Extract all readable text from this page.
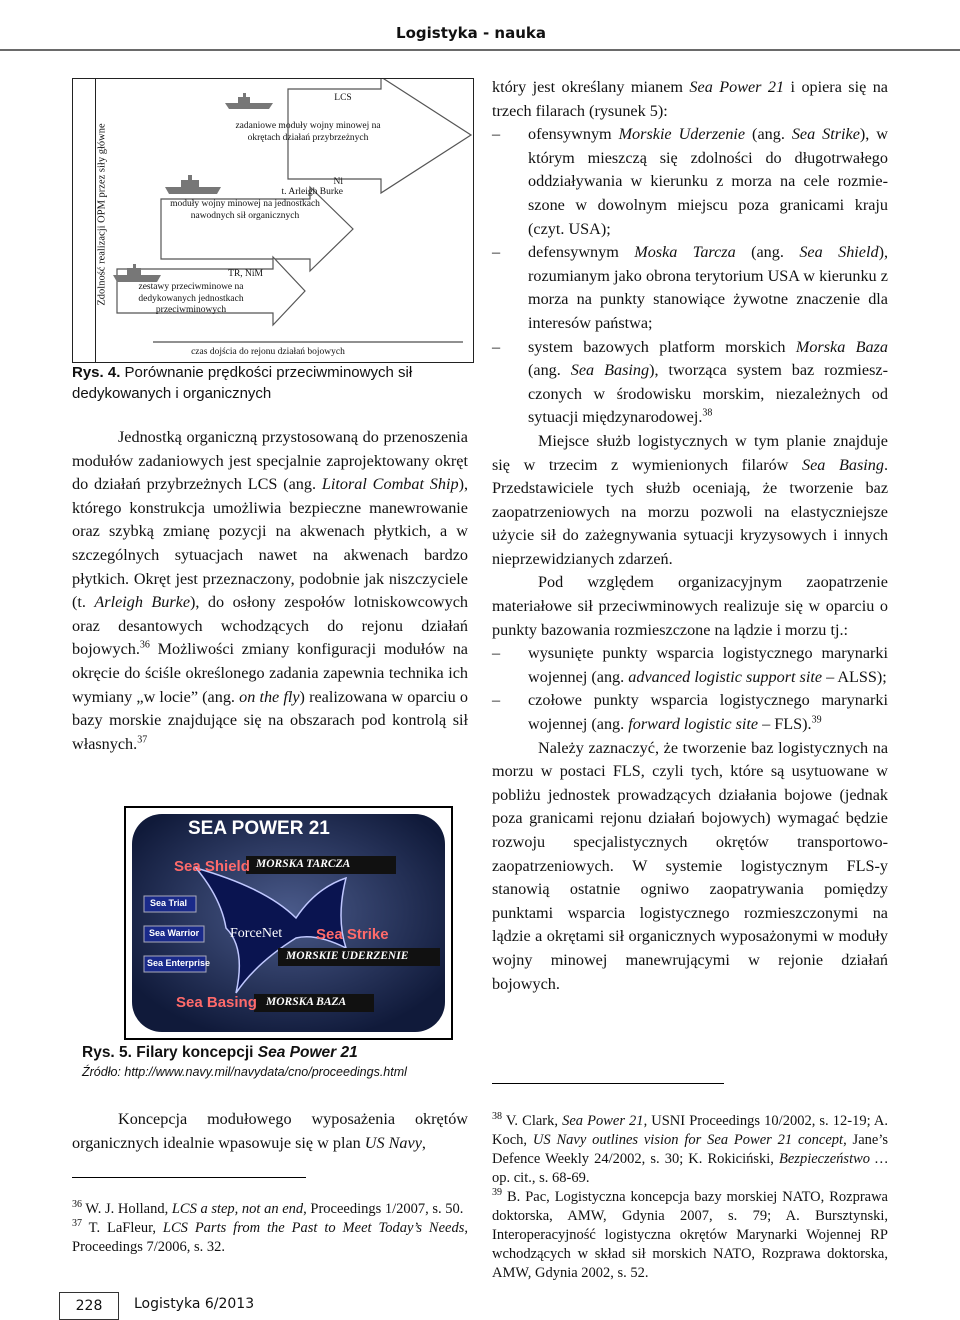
Logistyka - nauka
Zdolność realizacji OPM przez siły główne
LCS
zadaniowe moduły wojny minowej na okrętach działań przybrzeżnych
Ni
t. Arleigh Burke
moduły wojny minowej na jednostkach nawodnych sił organicznych
TR, NiM
zestawy przeciwminowe na dedykowanych jednostkach przeciwminowych
czas dojścia do rejonu działań bojowych
Rys. 4. Porównanie prędkości przeciwminowych sił dedykowanych i organicznych

Jednostką organiczną przystosowaną do przenoszenia modułów zadaniowych jest specjalnie zaprojektowany okręt do działań przybrzeżnych LCS (ang. Litoral Combat Ship), którego konstrukcja umożliwia bezpieczne manewrowanie oraz szybką zmianę pozycji na akwenach płytkich, a w szczególnych sytuacjach nawet na akwenach bardzo płytkich. Okręt jest przeznaczony, podobnie jak niszczyciele (t. Arleigh Burke), do osłony zespołów lotniskowcowych oraz desantowych wchodzących do rejonu działań bojowych.$^{36}$ Możliwości zmiany konfiguracji modułów na okręcie do ściśle określonego zadania zapewnia technika ich wymiany „w locie” (ang. on the fly) realizowana w oparciu o bazy morskie znajdujące się na obszarach pod kontrolą sił własnych.$^{37}$

SEA POWER 21
Sea Shield MORSKA TARCZA
Sea Trial
Sea Warrior
Sea Enterprise
ForceNet Sea Strike
MORSKIE UDERZENIE
Sea Basing MORSKA BAZA
Rys. 5. Filary koncepcji Sea Power 21
Źródło: http://www.navy.mil/navydata/cno/proceedings.html

Koncepcja modułowego wyposażenia okrętów organicznych idealnie wpasowuje się w plan US Navy,

$^{36}$ W. J. Holland, LCS a step, not an end, Proceedings 1/2007, s. 50.
$^{37}$ T. LaFleur, LCS Parts from the Past to Meet Today’s Needs, Proceedings 7/2006, s. 32.

który jest określany mianem Sea Power 21 i opiera się na trzech filarach (rysunek 5):

– ofensywnym Morskie Uderzenie (ang. Sea Strike), w którym mieszczą się zdolności do długotrwałego oddziaływania w kierunku z morza na cele rozmieszone w dowolnym miejscu poza granicami kraju (czyt. USA);
– defensywnym Moska Tarcza (ang. Sea Shield), rozumianym jako obrona terytorium USA w kierunku z morza na punkty stanowiące żywotne znaczenie dla interesów państwa;
– system bazowych platform morskich Morska Baza (ang. Sea Basing), tworząca system baz rozmieszczonych w środowisku morskim, niezależnych od sytuacji międzynarodowej.$^{38}$

Miejsce służb logistycznych w tym planie znajduje się w trzecim z wymienionych filarów Sea Basing. Przedstawiciele tych służb oceniają, że tworzenie baz zaopatrzeniowych na morzu pozwoli na elastyczniejsze użycie sił do zażegnywania sytuacji kryzysowych i innych nieprzewidzianych zdarzeń.

Pod względem organizacyjnym zaopatrzenie materiałowe sił przeciwminowych realizuje się w oparciu o punkty bazowania rozmieszczone na lądzie i morzu tj.:

– wysunięte punkty wsparcia logistycznego marynarki wojennej (ang. advanced logistic support site – ALSS);
– czołowe punkty wsparcia logistycznego marynarki wojennej (ang. forward logistic site – FLS).$^{39}$

Należy zaznaczyć, że tworzenie baz logistycznych na morzu w postaci FLS, czyli tych, które są usytuowane w pobliżu jednostek prowadzących działania bojowe (jednak poza granicami rejonu działań bojowych) wymagać będzie rozwoju specjalistycznych okrętów transportowo-zaopatrzeniowych. W systemie logistycznym FLS-y stanowią ostatnie ogniwo zaopatrywania pomiędzy punktami wsparcia logistycznego rozmieszczonymi na lądzie a okrętami sił organicznych wyposażonymi w moduły wojny minowej manewrującymi w rejonie działań bojowych.

$^{38}$ V. Clark, Sea Power 21, USNI Proceedings 10/2002, s. 12-19; A. Koch, US Navy outlines vision for Sea Power 21 concept, Jane’s Defence Weekly 24/2002, s. 30; K. Rokiciński, Bezpieczeństwo … op. cit., s. 68-69.
$^{39}$ B. Pac, Logistyczna koncepcja bazy morskiej NATO, Rozprawa doktorska, AMW, Gdynia 2007, s. 79; A. Bursztynski, Interoperacyjność logistyczna okrętów Marynarki Wojennej RP wchodzących w skład sił morskich NATO, Rozprawa doktorska, AMW, Gdynia 2002, s. 52.
228	Logistyka 6/2013
